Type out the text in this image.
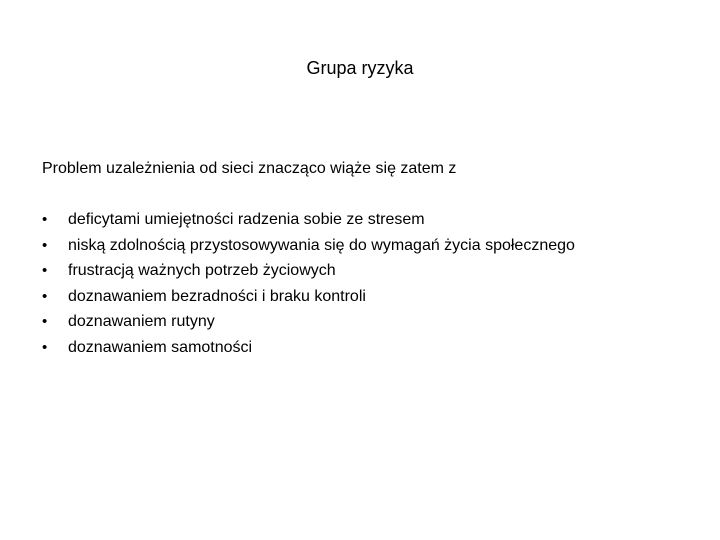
Grupa ryzyka
Problem uzależnienia od sieci znacząco wiąże się zatem z
•	deficytami umiejętności radzenia sobie ze stresem
•	niską zdolnością przystosowywania się do wymagań życia społecznego
•	frustracją ważnych potrzeb życiowych
•	doznawaniem bezradności i braku kontroli
•	doznawaniem rutyny
•	doznawaniem samotności
